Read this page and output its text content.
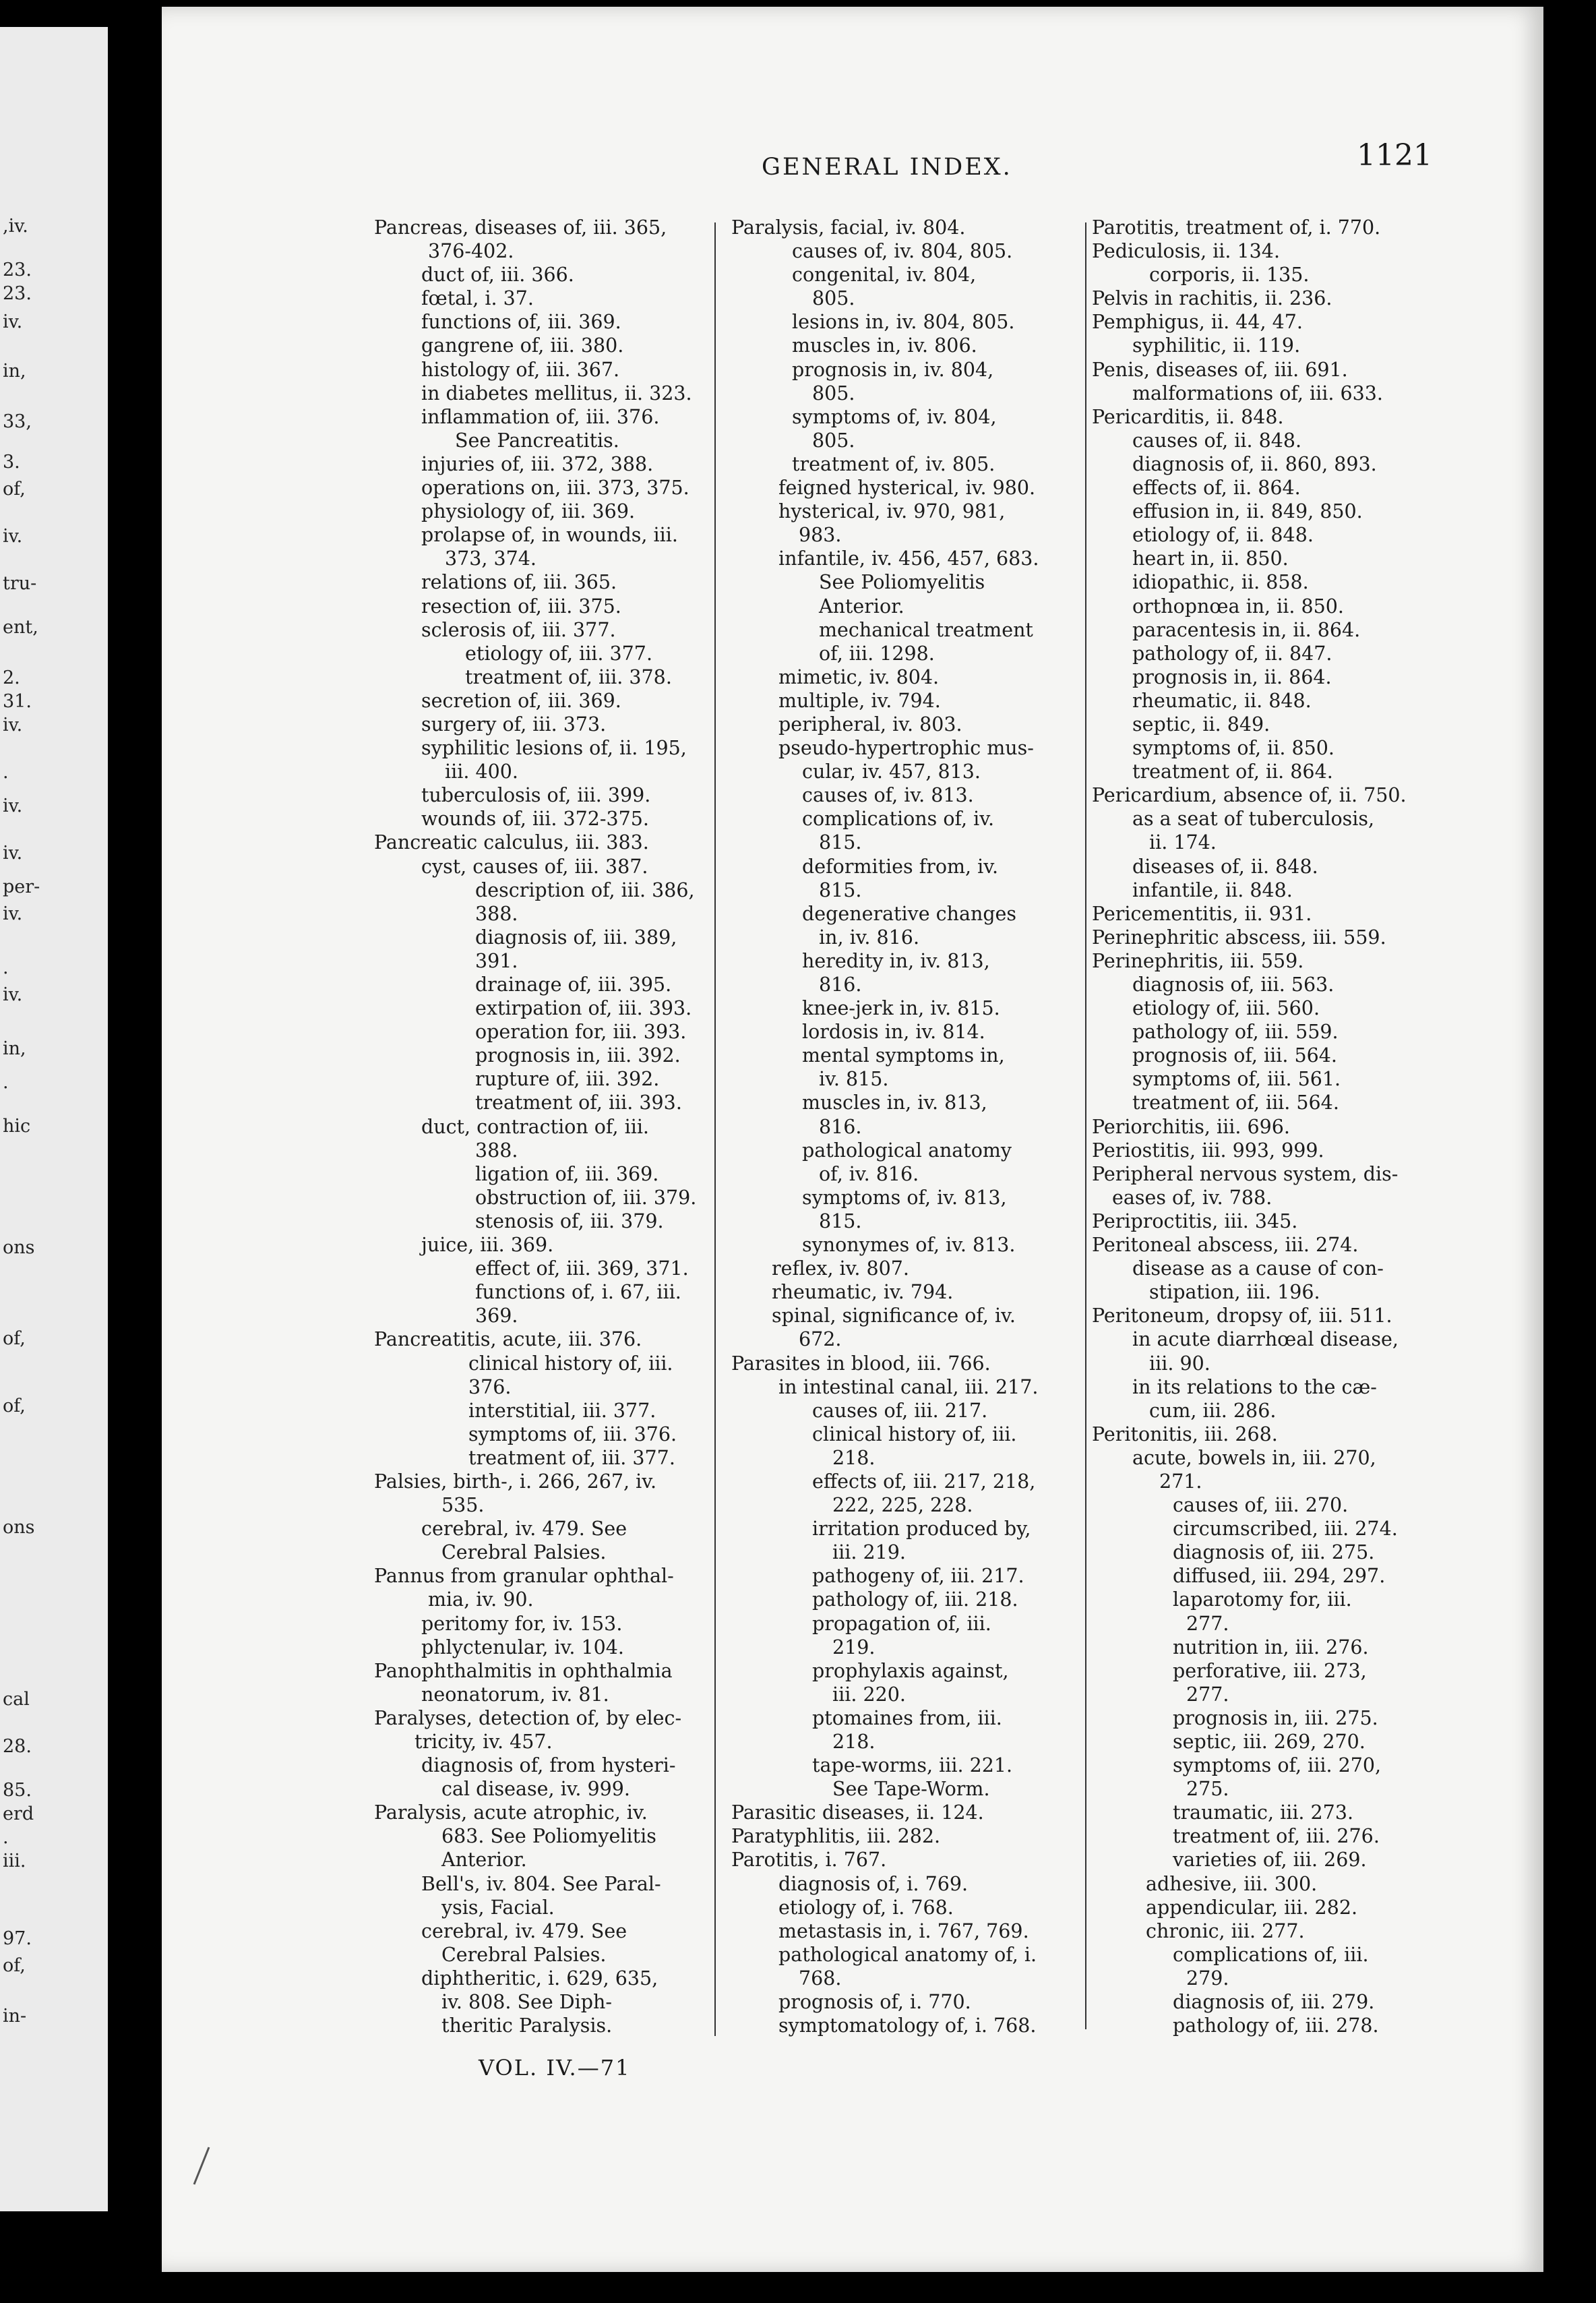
,iv.
23.
23.
iv.
in,
33,
3.
of,
iv.
tru-
ent,
2.
31.
iv.
.
iv.
iv.
per-
iv.
.
iv.
in,
.
hic
ons
of,
of,
ons
cal
28.
85.
erd
.
iii.
97.
of,
in-
GENERAL INDEX.	1121
Pancreas, diseases of, iii. 365,
376-402.
duct of, iii. 366.
fœtal, i. 37.
functions of, iii. 369.
gangrene of, iii. 380.
histology of, iii. 367.
in diabetes mellitus, ii. 323.
inflammation of, iii. 376.
See Pancreatitis.
injuries of, iii. 372, 388.
operations on, iii. 373, 375.
physiology of, iii. 369.
prolapse of, in wounds, iii.
373, 374.
relations of, iii. 365.
resection of, iii. 375.
sclerosis of, iii. 377.
etiology of, iii. 377.
treatment of, iii. 378.
secretion of, iii. 369.
surgery of, iii. 373.
syphilitic lesions of, ii. 195,
iii. 400.
tuberculosis of, iii. 399.
wounds of, iii. 372-375.
Pancreatic calculus, iii. 383.
cyst, causes of, iii. 387.
description of, iii. 386,
388.
diagnosis of, iii. 389,
391.
drainage of, iii. 395.
extirpation of, iii. 393.
operation for, iii. 393.
prognosis in, iii. 392.
rupture of, iii. 392.
treatment of, iii. 393.
duct, contraction of, iii.
388.
ligation of, iii. 369.
obstruction of, iii. 379.
stenosis of, iii. 379.
juice, iii. 369.
effect of, iii. 369, 371.
functions of, i. 67, iii.
369.
Pancreatitis, acute, iii. 376.
clinical history of, iii.
376.
interstitial, iii. 377.
symptoms of, iii. 376.
treatment of, iii. 377.
Palsies, birth-, i. 266, 267, iv.
535.
cerebral, iv. 479. See
Cerebral Palsies.
Pannus from granular ophthal-
mia, iv. 90.
peritomy for, iv. 153.
phlyctenular, iv. 104.
Panophthalmitis in ophthalmia
neonatorum, iv. 81.
Paralyses, detection of, by elec-
tricity, iv. 457.
diagnosis of, from hysteri-
cal disease, iv. 999.
Paralysis, acute atrophic, iv.
683. See Poliomyelitis
Anterior.
Bell's, iv. 804. See Paral-
ysis, Facial.
cerebral, iv. 479. See
Cerebral Palsies.
diphtheritic, i. 629, 635,
iv. 808. See Diph-
theritic Paralysis.
Paralysis, facial, iv. 804.
causes of, iv. 804, 805.
congenital, iv. 804,
805.
lesions in, iv. 804, 805.
muscles in, iv. 806.
prognosis in, iv. 804,
805.
symptoms of, iv. 804,
805.
treatment of, iv. 805.
feigned hysterical, iv. 980.
hysterical, iv. 970, 981,
983.
infantile, iv. 456, 457, 683.
See Poliomyelitis
Anterior.
mechanical treatment
of, iii. 1298.
mimetic, iv. 804.
multiple, iv. 794.
peripheral, iv. 803.
pseudo-hypertrophic mus-
cular, iv. 457, 813.
causes of, iv. 813.
complications of, iv.
815.
deformities from, iv.
815.
degenerative changes
in, iv. 816.
heredity in, iv. 813,
816.
knee-jerk in, iv. 815.
lordosis in, iv. 814.
mental symptoms in,
iv. 815.
muscles in, iv. 813,
816.
pathological anatomy
of, iv. 816.
symptoms of, iv. 813,
815.
synonymes of, iv. 813.
reflex, iv. 807.
rheumatic, iv. 794.
spinal, significance of, iv.
672.
Parasites in blood, iii. 766.
in intestinal canal, iii. 217.
causes of, iii. 217.
clinical history of, iii.
218.
effects of, iii. 217, 218,
222, 225, 228.
irritation produced by,
iii. 219.
pathogeny of, iii. 217.
pathology of, iii. 218.
propagation of, iii.
219.
prophylaxis against,
iii. 220.
ptomaines from, iii.
218.
tape-worms, iii. 221.
See Tape-Worm.
Parasitic diseases, ii. 124.
Paratyphlitis, iii. 282.
Parotitis, i. 767.
diagnosis of, i. 769.
etiology of, i. 768.
metastasis in, i. 767, 769.
pathological anatomy of, i.
768.
prognosis of, i. 770.
symptomatology of, i. 768.
Parotitis, treatment of, i. 770.
Pediculosis, ii. 134.
corporis, ii. 135.
Pelvis in rachitis, ii. 236.
Pemphigus, ii. 44, 47.
syphilitic, ii. 119.
Penis, diseases of, iii. 691.
malformations of, iii. 633.
Pericarditis, ii. 848.
causes of, ii. 848.
diagnosis of, ii. 860, 893.
effects of, ii. 864.
effusion in, ii. 849, 850.
etiology of, ii. 848.
heart in, ii. 850.
idiopathic, ii. 858.
orthopnœa in, ii. 850.
paracentesis in, ii. 864.
pathology of, ii. 847.
prognosis in, ii. 864.
rheumatic, ii. 848.
septic, ii. 849.
symptoms of, ii. 850.
treatment of, ii. 864.
Pericardium, absence of, ii. 750.
as a seat of tuberculosis,
ii. 174.
diseases of, ii. 848.
infantile, ii. 848.
Pericementitis, ii. 931.
Perinephritic abscess, iii. 559.
Perinephritis, iii. 559.
diagnosis of, iii. 563.
etiology of, iii. 560.
pathology of, iii. 559.
prognosis of, iii. 564.
symptoms of, iii. 561.
treatment of, iii. 564.
Periorchitis, iii. 696.
Periostitis, iii. 993, 999.
Peripheral nervous system, dis-
eases of, iv. 788.
Periproctitis, iii. 345.
Peritoneal abscess, iii. 274.
disease as a cause of con-
stipation, iii. 196.
Peritoneum, dropsy of, iii. 511.
in acute diarrhœal disease,
iii. 90.
in its relations to the cæ-
cum, iii. 286.
Peritonitis, iii. 268.
acute, bowels in, iii. 270,
271.
causes of, iii. 270.
circumscribed, iii. 274.
diagnosis of, iii. 275.
diffused, iii. 294, 297.
laparotomy for, iii.
277.
nutrition in, iii. 276.
perforative, iii. 273,
277.
prognosis in, iii. 275.
septic, iii. 269, 270.
symptoms of, iii. 270,
275.
traumatic, iii. 273.
treatment of, iii. 276.
varieties of, iii. 269.
adhesive, iii. 300.
appendicular, iii. 282.
chronic, iii. 277.
complications of, iii.
279.
diagnosis of, iii. 279.
pathology of, iii. 278.
VOL. IV.—71
